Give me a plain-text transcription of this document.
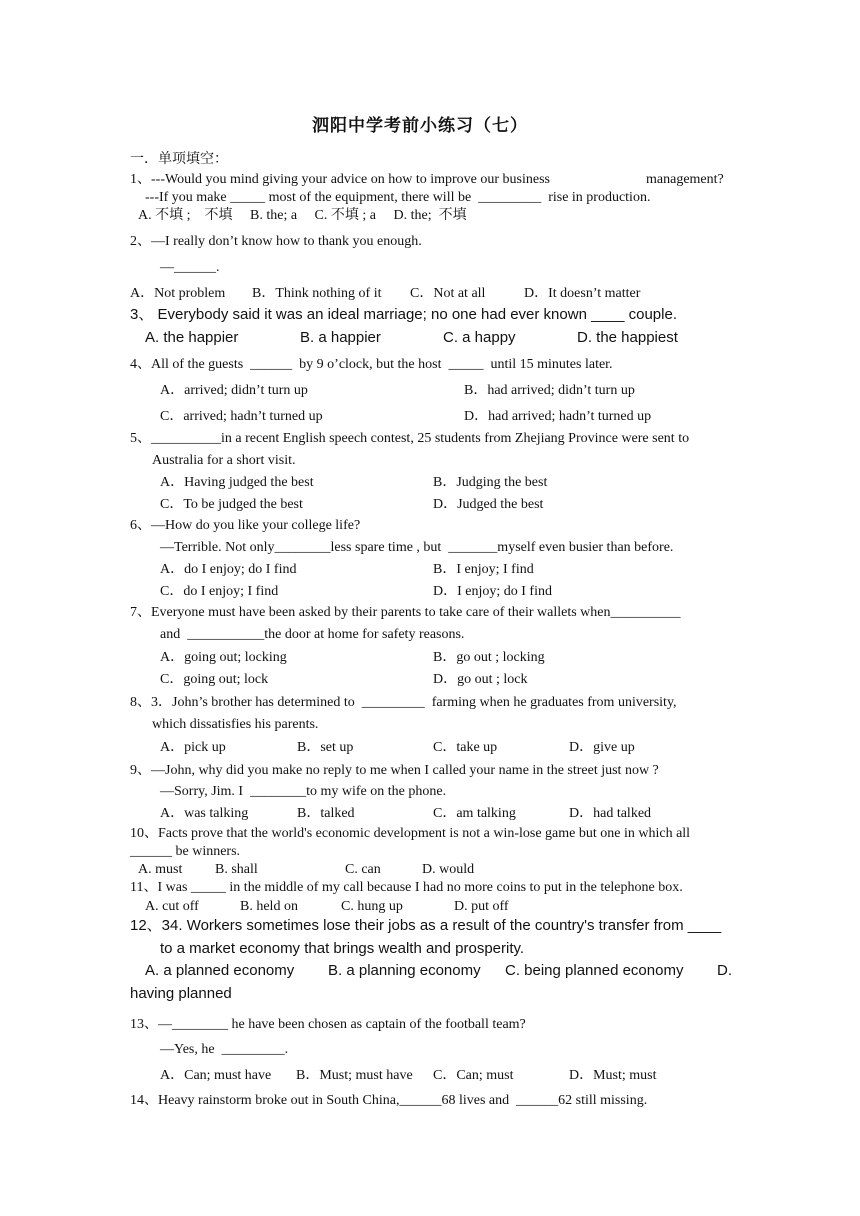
泗阳中学考前小练习（七）
一．单项填空：
1、---Would you mind giving your advice on how to improve our business	management?
---If you make _____ most of the equipment, there will be  _________  rise in production.
A. 不填 ;    不填     B. the; a     C. 不填 ; a     D. the;  不填
2、—I really don’t know how to thank you enough.
—______.
A．Not problem B．Think nothing of it C．Not at all	D．It doesn’t matter
3、 Everybody said it was an ideal marriage; no one had ever known ____ couple.
A. the happier	B. a happier	C. a happy	D. the happiest
4、All of the guests  ______  by 9 o’clock, but the host  _____  until 15 minutes later.
A．arrived; didn’t turn up	B．had arrived; didn’t turn up
C．arrived; hadn’t turned up	D．had arrived; hadn’t turned up
5、__________in a recent English speech contest, 25 students from Zhejiang Province were sent to
Australia for a short visit.
A．Having judged the best	B．Judging the best
C．To be judged the best	D．Judged the best
6、—How do you like your college life?
—Terrible. Not only________less spare time , but  _______myself even busier than before.
A．do I enjoy; do I find	B．I enjoy; I find
C．do I enjoy; I find	D．I enjoy; do I find
7、Everyone must have been asked by their parents to take care of their wallets when__________
and  ___________the door at home for safety reasons.
A．going out; locking	B．go out ; locking
C．going out; lock	D．go out ; lock
8、3．John’s brother has determined to  _________  farming when he graduates from university,
which dissatisfies his parents.
A．pick up	B．set up	C．take up	D．give up
9、—John, why did you make no reply to me when I called your name in the street just now ?
—Sorry, Jim. I  ________to my wife on the phone.
A．was talking	B．talked	C．am talking	D．had talked
10、Facts prove that the world's economic development is not a win-lose game but one in which all
______ be winners.
A. must B. shall	C. can	D. would
11、I was _____ in the middle of my call because I had no more coins to put in the telephone box.
A. cut off	B. held on	C. hung up	D. put off
12、34. Workers sometimes lose their jobs as a result of the country's transfer from ____
to a market economy that brings wealth and prosperity.
A. a planned economy B. a planning economy C. being planned economy D.
having planned
13、—________ he have been chosen as captain of the football team?
—Yes, he  _________.
A．Can; must have B．Must; must have C．Can; must	D．Must; must
14、Heavy rainstorm broke out in South China,______68 lives and  ______62 still missing.
